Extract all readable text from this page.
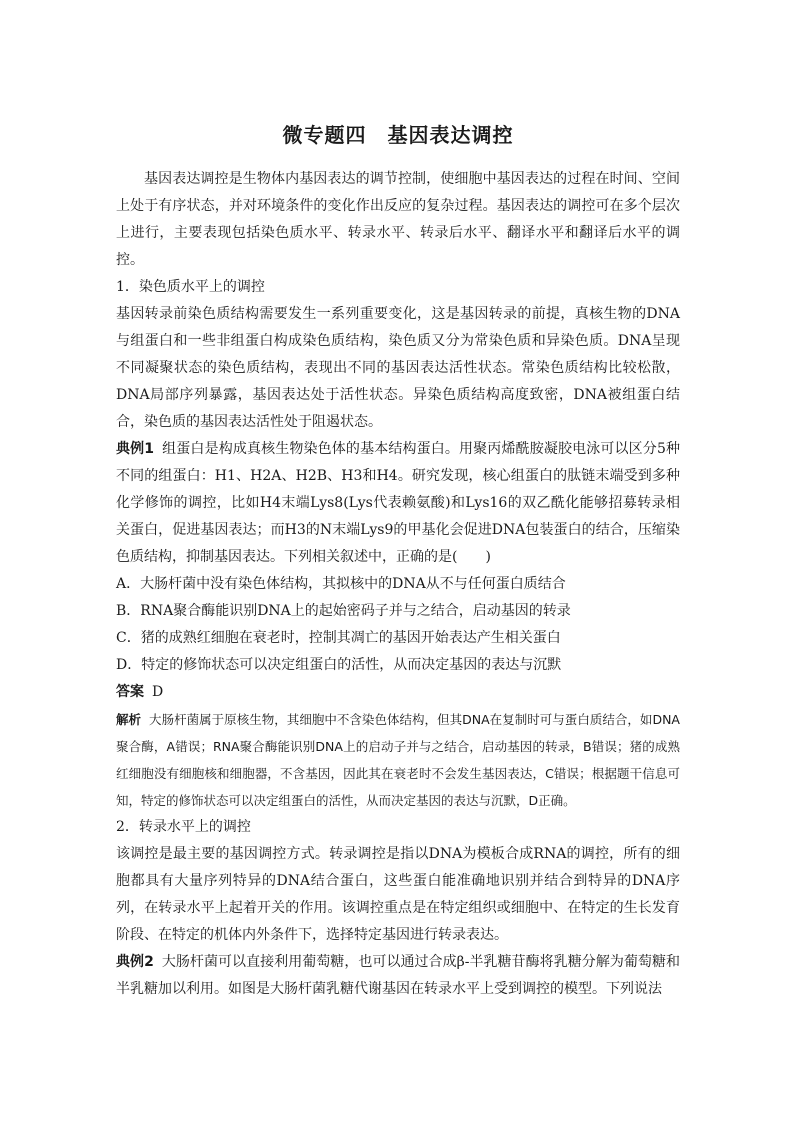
微专题四　基因表达调控

基因表达调控是生物体内基因表达的调节控制，使细胞中基因表达的过程在时间、空间上处于有序状态，并对环境条件的变化作出反应的复杂过程。基因表达的调控可在多个层次上进行，主要表现包括染色质水平、转录水平、转录后水平、翻译水平和翻译后水平的调控。

1．染色质水平上的调控

基因转录前染色质结构需要发生一系列重要变化，这是基因转录的前提，真核生物的DNA与组蛋白和一些非组蛋白构成染色质结构，染色质又分为常染色质和异染色质。DNA呈现不同凝聚状态的染色质结构，表现出不同的基因表达活性状态。常染色质结构比较松散，DNA局部序列暴露，基因表达处于活性状态。异染色质结构高度致密，DNA被组蛋白结合，染色质的基因表达活性处于阻遏状态。

典例1 组蛋白是构成真核生物染色体的基本结构蛋白。用聚丙烯酰胺凝胶电泳可以区分5种不同的组蛋白：H1、H2A、H2B、H3和H4。研究发现，核心组蛋白的肽链末端受到多种化学修饰的调控，比如H4末端Lys8(Lys代表赖氨酸)和Lys16的双乙酰化能够招募转录相关蛋白，促进基因表达；而H3的N末端Lys9的甲基化会促进DNA包装蛋白的结合，压缩染色质结构，抑制基因表达。下列相关叙述中，正确的是(　　)

A．大肠杆菌中没有染色体结构，其拟核中的DNA从不与任何蛋白质结合

B．RNA聚合酶能识别DNA上的起始密码子并与之结合，启动基因的转录

C．猪的成熟红细胞在衰老时，控制其凋亡的基因开始表达产生相关蛋白

D．特定的修饰状态可以决定组蛋白的活性，从而决定基因的表达与沉默

答案 D

解析 大肠杆菌属于原核生物，其细胞中不含染色体结构，但其DNA在复制时可与蛋白质结合，如DNA聚合酶，A错误；RNA聚合酶能识别DNA上的启动子并与之结合，启动基因的转录，B错误；猪的成熟红细胞没有细胞核和细胞器，不含基因，因此其在衰老时不会发生基因表达，C错误；根据题干信息可知，特定的修饰状态可以决定组蛋白的活性，从而决定基因的表达与沉默，D正确。

2．转录水平上的调控

该调控是最主要的基因调控方式。转录调控是指以DNA为模板合成RNA的调控，所有的细胞都具有大量序列特异的DNA结合蛋白，这些蛋白能准确地识别并结合到特异的DNA序列，在转录水平上起着开关的作用。该调控重点是在特定组织或细胞中、在特定的生长发育阶段、在特定的机体内外条件下，选择特定基因进行转录表达。

典例2 大肠杆菌可以直接利用葡萄糖，也可以通过合成β-半乳糖苷酶将乳糖分解为葡萄糖和半乳糖加以利用。如图是大肠杆菌乳糖代谢基因在转录水平上受到调控的模型。下列说法
